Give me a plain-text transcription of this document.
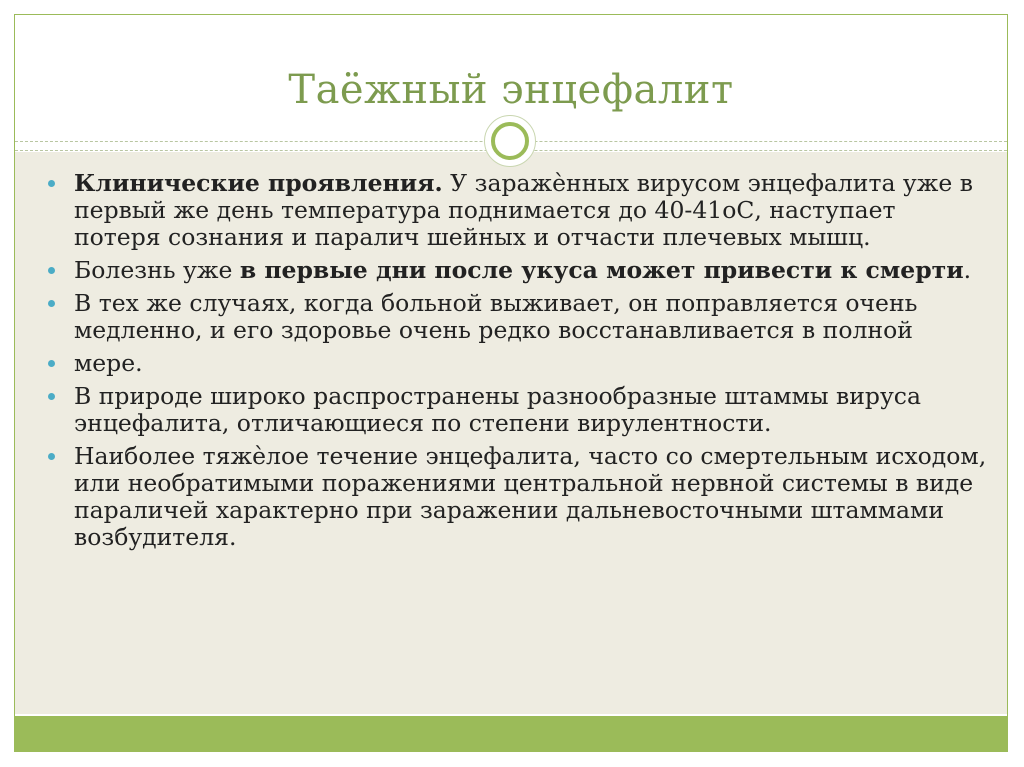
Таёжный энцефалит
Клинические проявления. У заражѐнных вирусом энцефалита уже в первый же день температура поднимается до 40-41оС, наступает потеря сознания и паралич шейных и отчасти плечевых мышц.
Болезнь уже в первые дни после укуса может привести к смерти.
В тех же случаях, когда больной выживает, он поправляется очень медленно, и его здоровье очень редко восстанавливается в полной
мере.
В природе широко распространены разнообразные штаммы вируса энцефалита, отличающиеся по степени вирулентности.
Наиболее тяжѐлое течение энцефалита, часто со смертельным исходом, или необратимыми поражениями центральной нервной системы в виде параличей характерно при заражении дальневосточными штаммами возбудителя.
